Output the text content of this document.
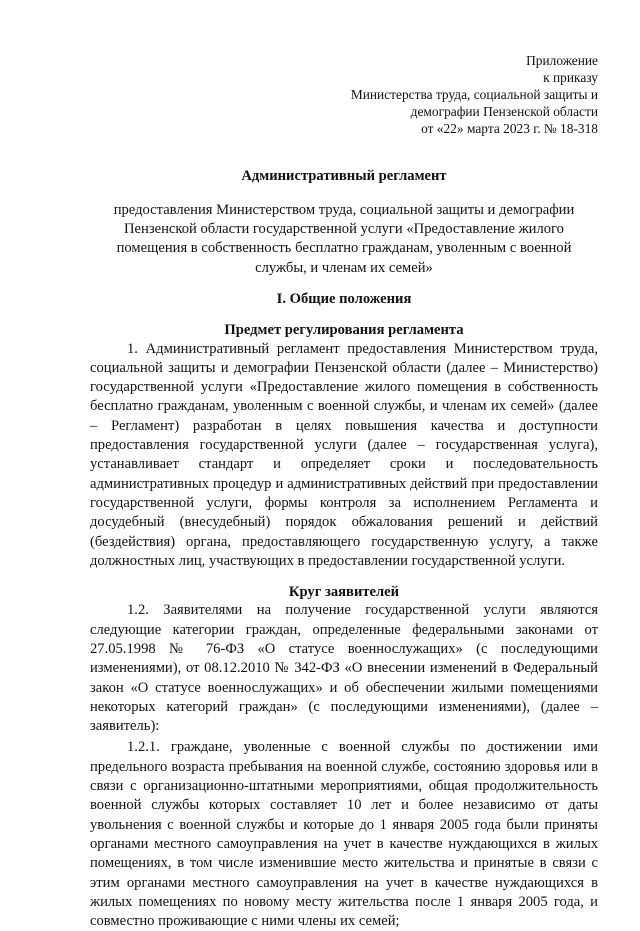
Приложение
к приказу
Министерства труда, социальной защиты и
демографии Пензенской области
от «22» марта 2023 г. № 18-318
Административный регламент
предоставления Министерством труда, социальной защиты и демографии Пензенской области государственной услуги «Предоставление жилого помещения в собственность бесплатно гражданам, уволенным с военной службы, и членам их семей»
I. Общие положения
Предмет регулирования регламента
1. Административный регламент предоставления Министерством труда, социальной защиты и демографии Пензенской области (далее – Министерство) государственной услуги «Предоставление жилого помещения в собственность бесплатно гражданам, уволенным с военной службы, и членам их семей» (далее – Регламент) разработан в целях повышения качества и доступности предоставления государственной услуги (далее – государственная услуга), устанавливает стандарт и определяет сроки и последовательность административных процедур и административных действий при предоставлении государственной услуги, формы контроля за исполнением Регламента и досудебный (внесудебный) порядок обжалования решений и действий (бездействия) органа, предоставляющего государственную услугу, а также должностных лиц, участвующих в предоставлении государственной услуги.
Круг заявителей
1.2. Заявителями на получение государственной услуги являются следующие категории граждан, определенные федеральными законами от 27.05.1998 № 76-ФЗ «О статусе военнослужащих» (с последующими изменениями), от 08.12.2010 № 342-ФЗ «О внесении изменений в Федеральный закон «О статусе военнослужащих» и об обеспечении жилыми помещениями некоторых категорий граждан» (с последующими изменениями), (далее – заявитель):
1.2.1. граждане, уволенные с военной службы по достижении ими предельного возраста пребывания на военной службе, состоянию здоровья или в связи с организационно-штатными мероприятиями, общая продолжительность военной службы которых составляет 10 лет и более независимо от даты увольнения с военной службы и которые до 1 января 2005 года были приняты органами местного самоуправления на учет в качестве нуждающихся в жилых помещениях, в том числе изменившие место жительства и принятые в связи с этим органами местного самоуправления на учет в качестве нуждающихся в жилых помещениях по новому месту жительства после 1 января 2005 года, и совместно проживающие с ними члены их семей;
